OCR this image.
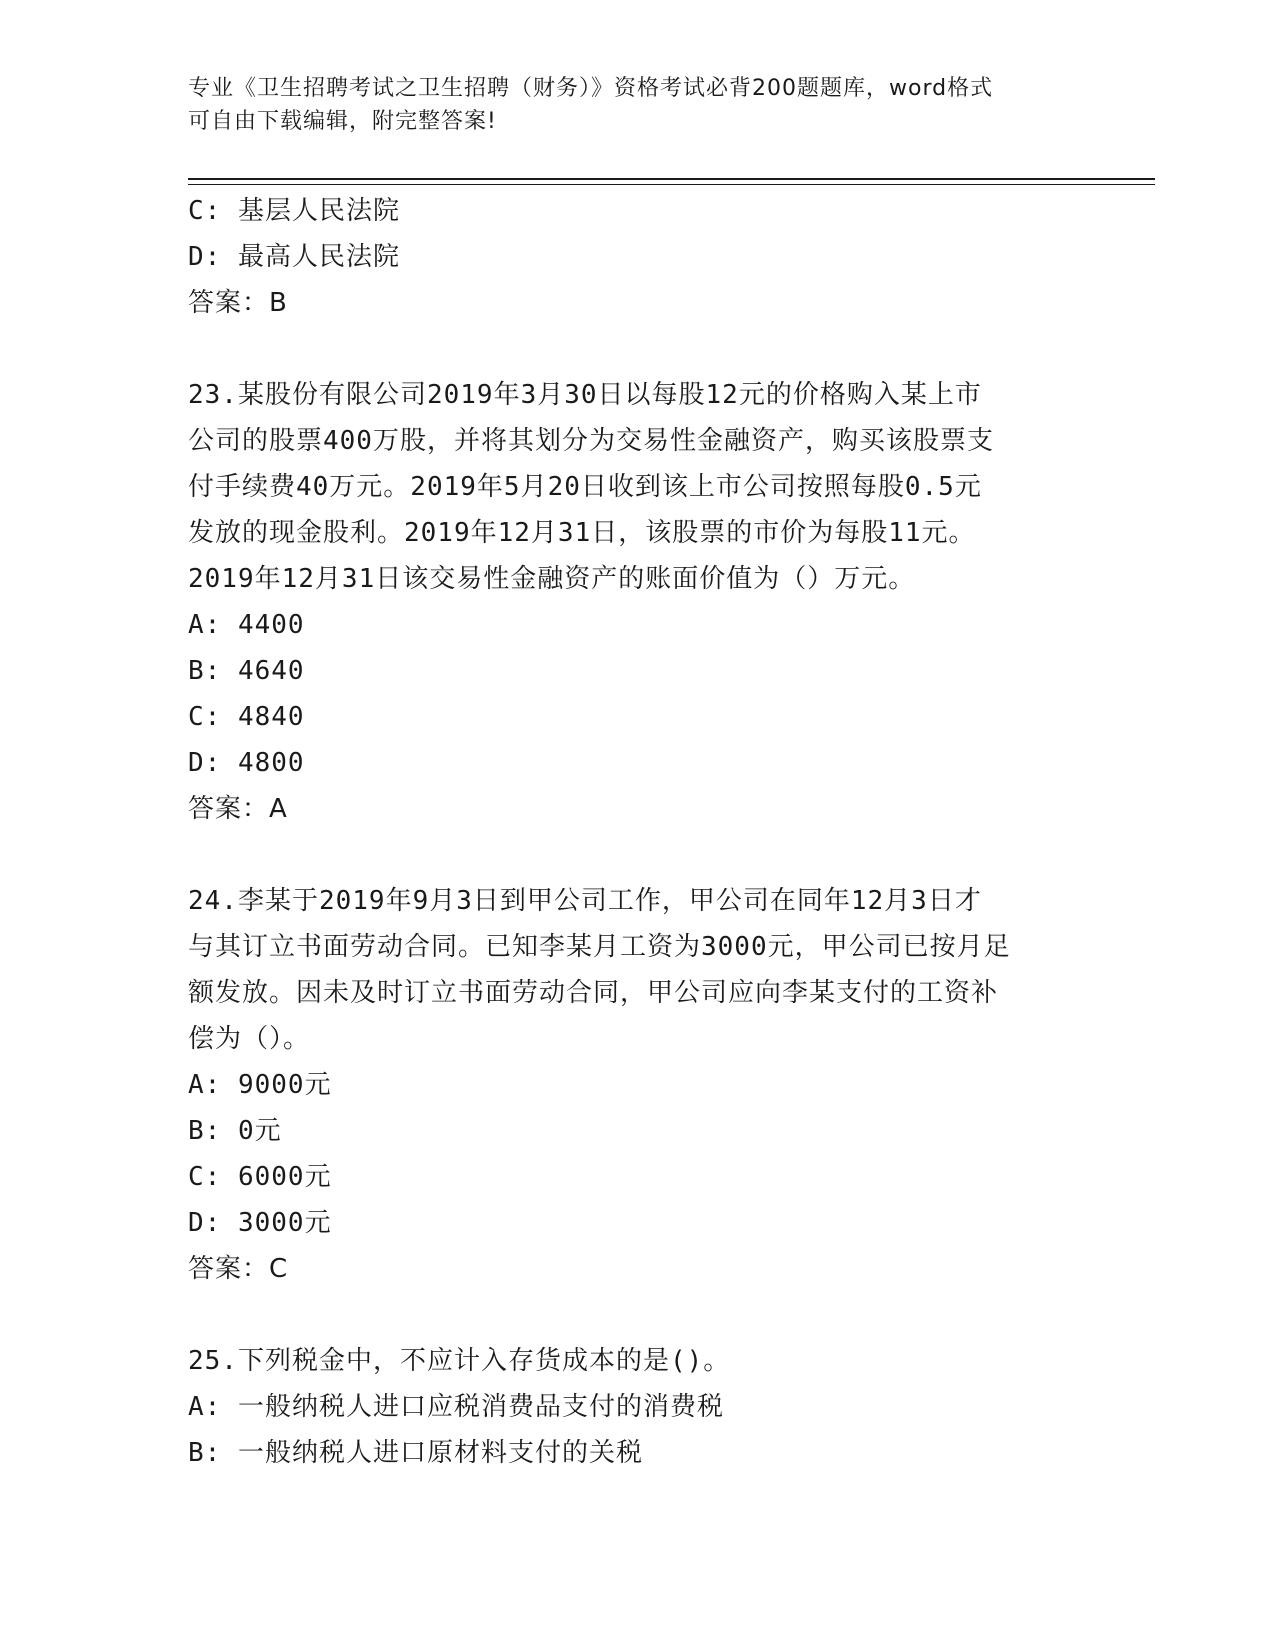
专业《卫生招聘考试之卫生招聘（财务）》资格考试必背200题题库，word格式
可自由下载编辑，附完整答案!
C: 基层人民法院
D: 最高人民法院
答案：B
23.某股份有限公司2019年3月30日以每股12元的价格购入某上市
公司的股票400万股，并将其划分为交易性金融资产，购买该股票支
付手续费40万元。2019年5月20日收到该上市公司按照每股0.5元
发放的现金股利。2019年12月31日，该股票的市价为每股11元。
2019年12月31日该交易性金融资产的账面价值为（）万元。
A: 4400
B: 4640
C: 4840
D: 4800
答案：A
24.李某于2019年9月3日到甲公司工作，甲公司在同年12月3日才
与其订立书面劳动合同。已知李某月工资为3000元，甲公司已按月足
额发放。因未及时订立书面劳动合同，甲公司应向李某支付的工资补
偿为（）。
A: 9000元
B: 0元
C: 6000元
D: 3000元
答案：C
25.下列税金中，不应计入存货成本的是()。
A: 一般纳税人进口应税消费品支付的消费税
B: 一般纳税人进口原材料支付的关税
